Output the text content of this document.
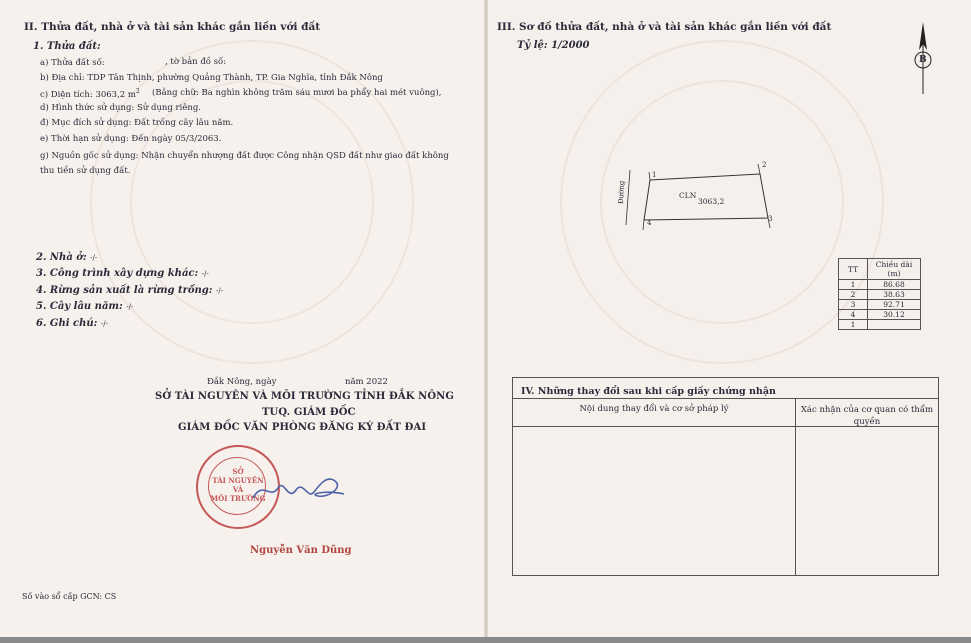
II. Thửa đất, nhà ở và tài sản khác gắn liền với đất
1. Thửa đất:
a) Thửa đất số:	, tờ bản đồ số:
b) Địa chỉ: TDP Tân Thịnh, phường Quảng Thành, TP. Gia Nghĩa, tỉnh Đắk Nông
c) Diện tích: 3063,2 $m^2$ (Bằng chữ: Ba nghìn không trăm sáu mươi ba phẩy hai mét vuông),
d) Hình thức sử dụng: Sử dụng riêng.
đ) Mục đích sử dụng: Đất trồng cây lâu năm.
e) Thời hạn sử dụng: Đến ngày 05/3/2063.
g) Nguồn gốc sử dụng: Nhận chuyển nhượng đất được Công nhận QSD đất như giao đất không
thu tiền sử dụng đất.
2. Nhà ở: -/-
3. Công trình xây dựng khác: -/-
4. Rừng sản xuất là rừng trồng: -/-
5. Cây lâu năm: -/-
6. Ghi chú: -/-
Đắk Nông, ngày	năm 2022
SỞ TÀI NGUYÊN VÀ MÔI TRƯỜNG TỈNH ĐẮK NÔNG
TUQ. GIÁM ĐỐC
GIÁM ĐỐC VĂN PHÒNG ĐĂNG KÝ ĐẤT ĐAI
SỞ
TÀI NGUYÊN
VÀ
MÔI TRƯỜNG
Nguyễn Văn Dũng
Số vào sổ cấp GCN: CS
III. Sơ đồ thửa đất, nhà ở và tài sản khác gắn liền với đất
Tỷ lệ: 1/2000
B
1
2
3
4
CLN
3063,2
Đường
TT	Chiều dài (m)
1	86.68
2	38.63
3	92.71
4	30.12
1	
IV. Những thay đổi sau khi cấp giấy chứng nhận
Nội dung thay đổi và cơ sở pháp lý	Xác nhận của cơ quan có thẩm quyền
